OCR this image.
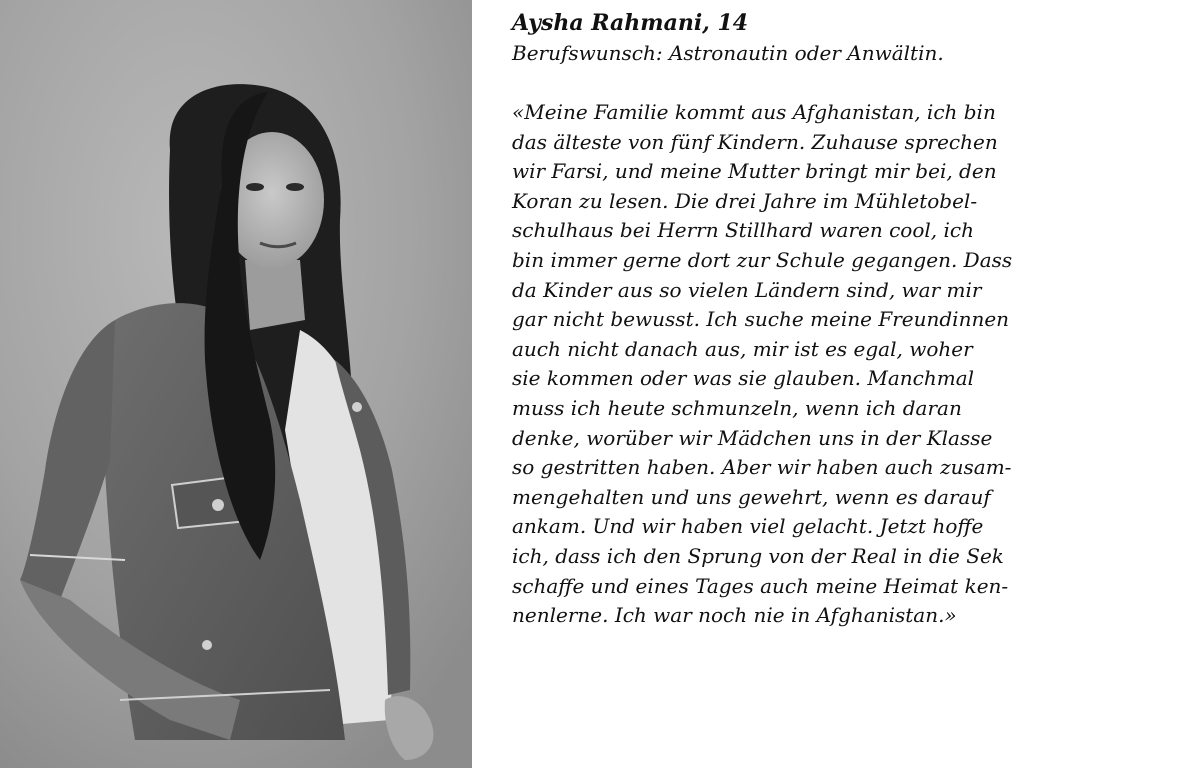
Aysha Rahmani, 14

Berufswunsch: Astronautin oder Anwältin.

«Meine Familie kommt aus Afghanistan, ich bin
das älteste von fünf Kindern. Zuhause sprechen
wir Farsi, und meine Mutter bringt mir bei, den
Koran zu lesen. Die drei Jahre im Mühletobel-
schulhaus bei Herrn Stillhard waren cool, ich
bin immer gerne dort zur Schule gegangen. Dass
da Kinder aus so vielen Ländern sind, war mir
gar nicht bewusst. Ich suche meine Freundinnen
auch nicht danach aus, mir ist es egal, woher
sie kommen oder was sie glauben. Manchmal
muss ich heute schmunzeln, wenn ich daran
denke, worüber wir Mädchen uns in der Klasse
so gestritten haben. Aber wir haben auch zusam-
mengehalten und uns gewehrt, wenn es darauf
ankam. Und wir haben viel gelacht. Jetzt hoffe
ich, dass ich den Sprung von der Real in die Sek
schaffe und eines Tages auch meine Heimat ken-
nenlerne. Ich war noch nie in Afghanistan.»
